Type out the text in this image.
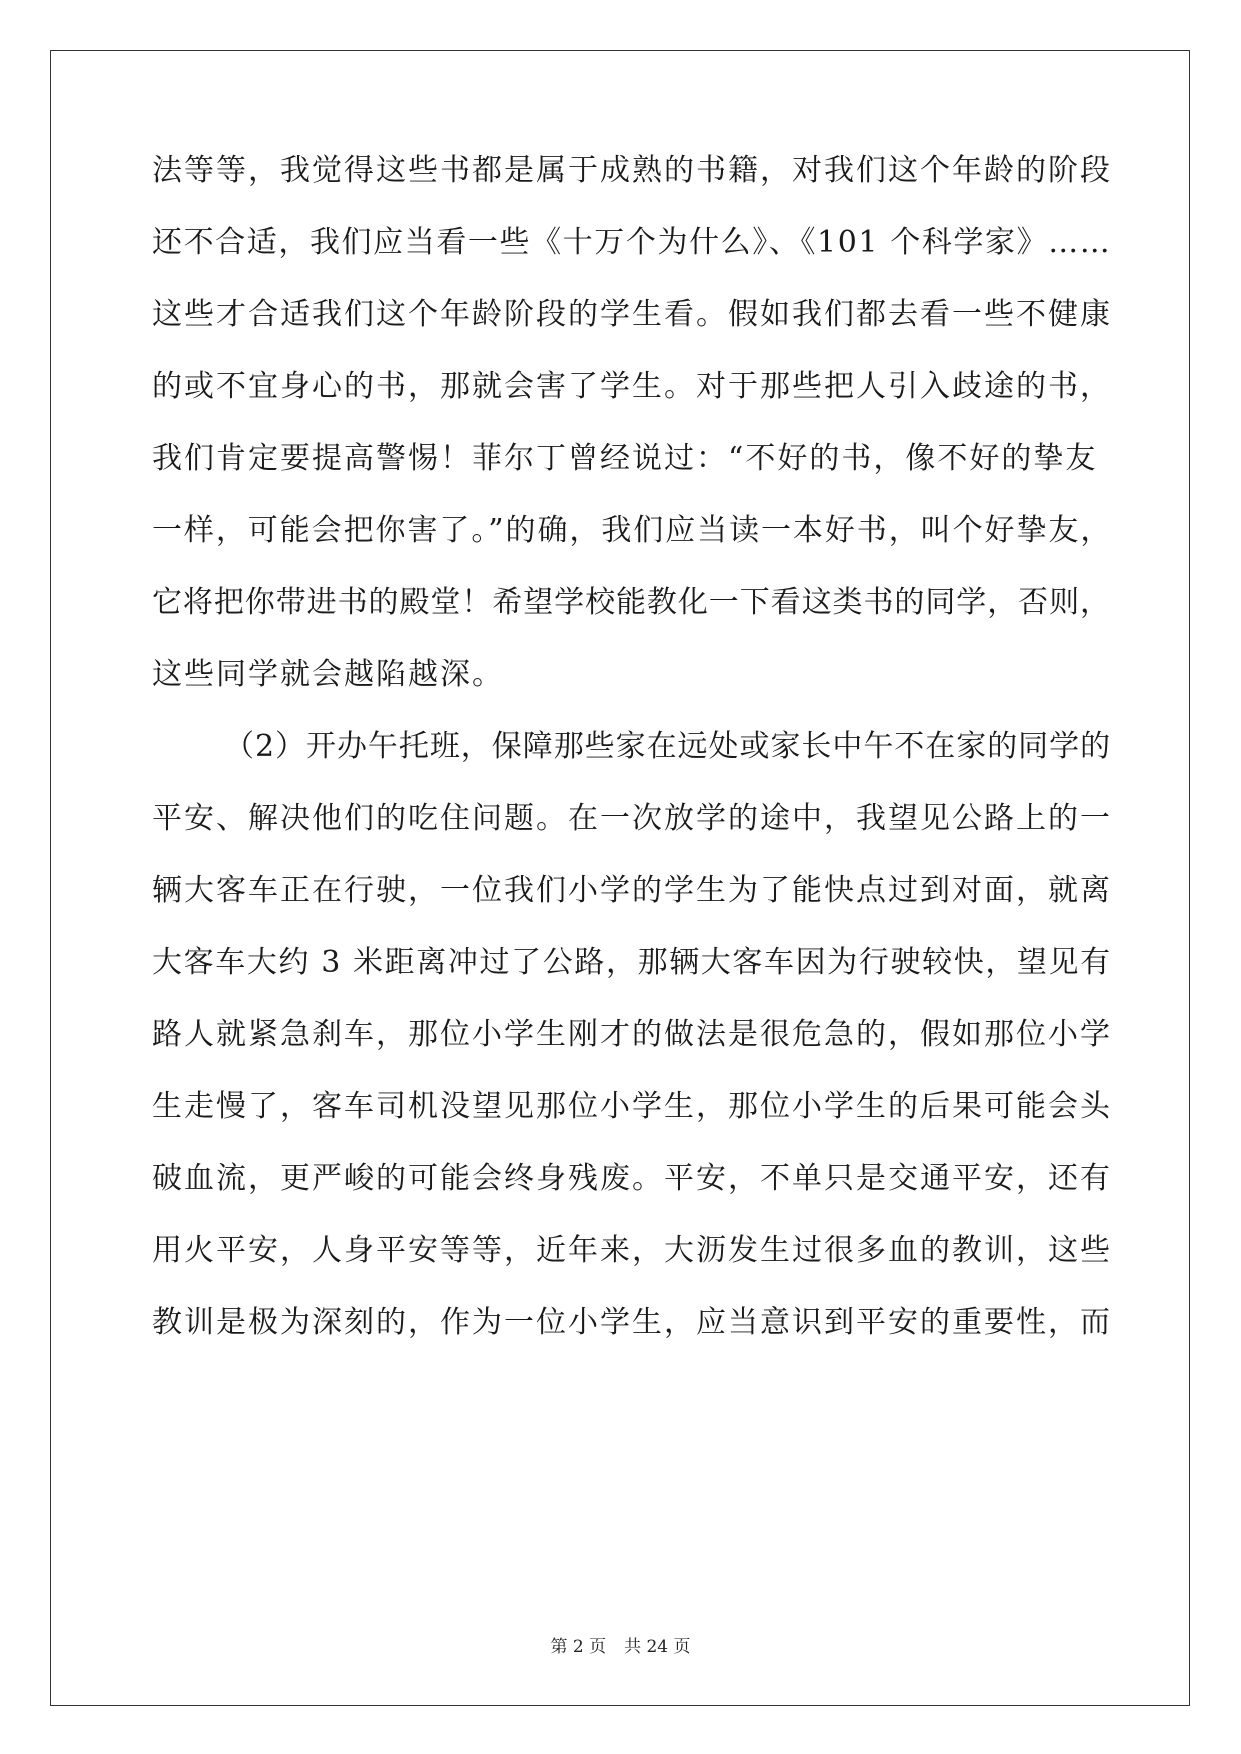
法等等，我觉得这些书都是属于成熟的书籍，对我们这个年龄的阶段
还不合适，我们应当看一些《十万个为什么》、《101 个科学家》……
这些才合适我们这个年龄阶段的学生看。假如我们都去看一些不健康
的或不宜身心的书，那就会害了学生。对于那些把人引入歧途的书，
我们肯定要提高警惕！菲尔丁曾经说过：“不好的书，像不好的挚友
一样，可能会把你害了。”的确，我们应当读一本好书，叫个好挚友，
它将把你带进书的殿堂！希望学校能教化一下看这类书的同学，否则，
这些同学就会越陷越深。
（2）开办午托班，保障那些家在远处或家长中午不在家的同学的
平安、解决他们的吃住问题。在一次放学的途中，我望见公路上的一
辆大客车正在行驶，一位我们小学的学生为了能快点过到对面，就离
大客车大约 3 米距离冲过了公路，那辆大客车因为行驶较快，望见有
路人就紧急刹车，那位小学生刚才的做法是很危急的，假如那位小学
生走慢了，客车司机没望见那位小学生，那位小学生的后果可能会头
破血流，更严峻的可能会终身残废。平安，不单只是交通平安，还有
用火平安，人身平安等等，近年来，大沥发生过很多血的教训，这些
教训是极为深刻的，作为一位小学生，应当意识到平安的重要性，而
第 2 页 共 24 页
